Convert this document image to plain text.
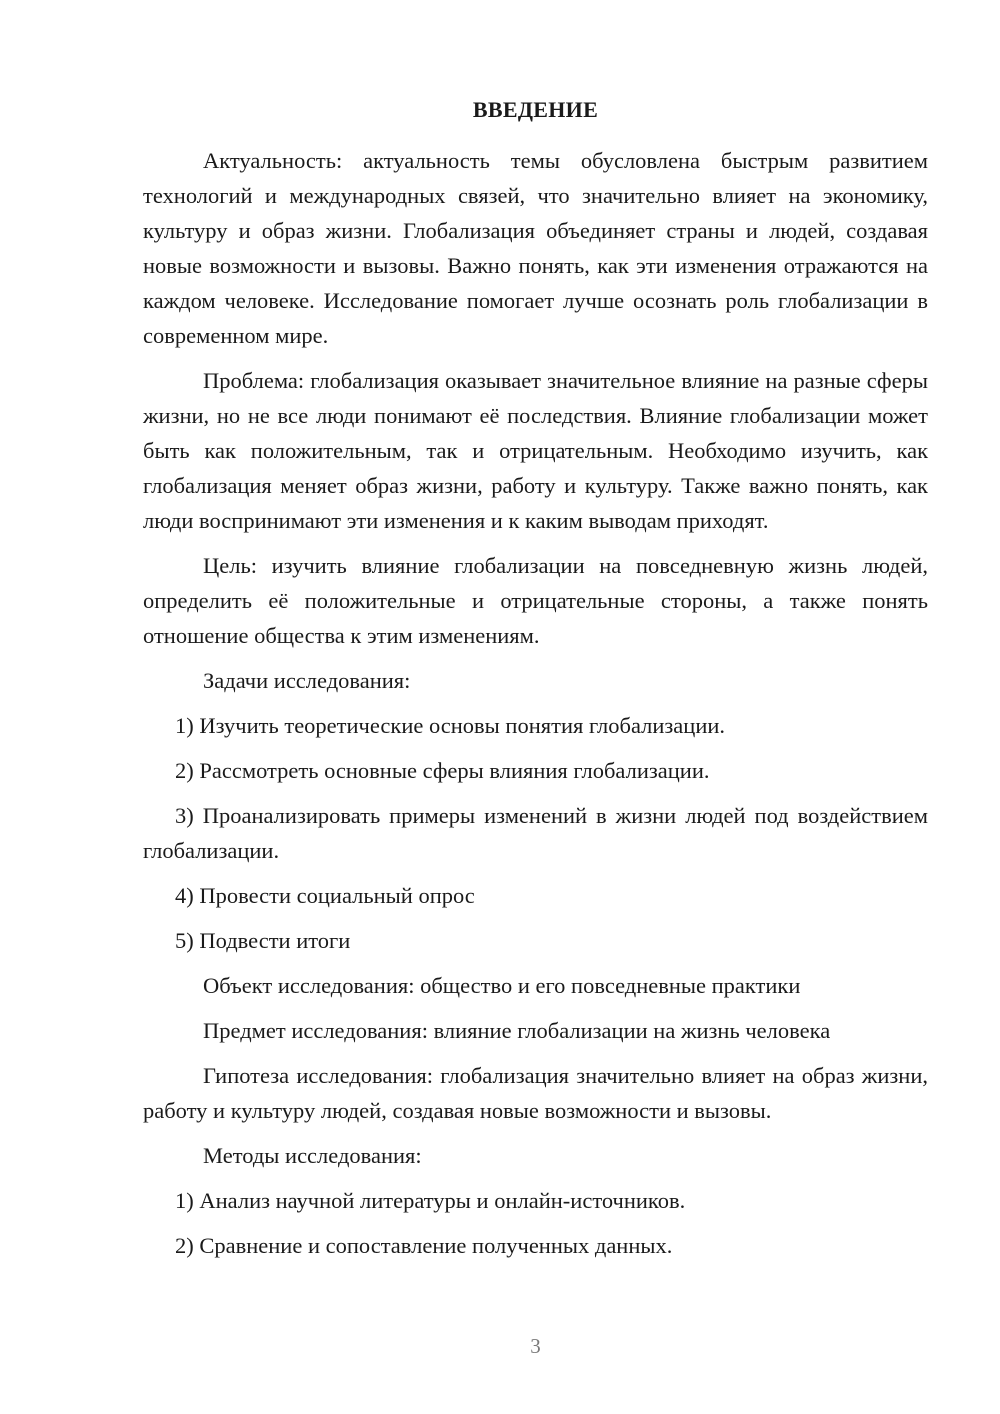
ВВЕДЕНИЕ

Актуальность: актуальность темы обусловлена быстрым развитием технологий и международных связей, что значительно влияет на экономику, культуру и образ жизни. Глобализация объединяет страны и людей, создавая новые возможности и вызовы. Важно понять, как эти изменения отражаются на каждом человеке. Исследование помогает лучше осознать роль глобализации в современном мире.

Проблема: глобализация оказывает значительное влияние на разные сферы жизни, но не все люди понимают её последствия. Влияние глобализации может быть как положительным, так и отрицательным. Необходимо изучить, как глобализация меняет образ жизни, работу и культуру. Также важно понять, как люди воспринимают эти изменения и к каким выводам приходят.

Цель: изучить влияние глобализации на повседневную жизнь людей, определить её положительные и отрицательные стороны, а также понять отношение общества к этим изменениям.

Задачи исследования:

1) Изучить теоретические основы понятия глобализации.

2) Рассмотреть основные сферы влияния глобализации.

3) Проанализировать примеры изменений в жизни людей под воздействием глобализации.

4) Провести социальный опрос

5) Подвести итоги

Объект исследования: общество и его повседневные практики

Предмет исследования: влияние глобализации на жизнь человека

Гипотеза исследования: глобализация значительно влияет на образ жизни, работу и культуру людей, создавая новые возможности и вызовы.

Методы исследования:

1) Анализ научной литературы и онлайн-источников.

2) Сравнение и сопоставление полученных данных.

3
